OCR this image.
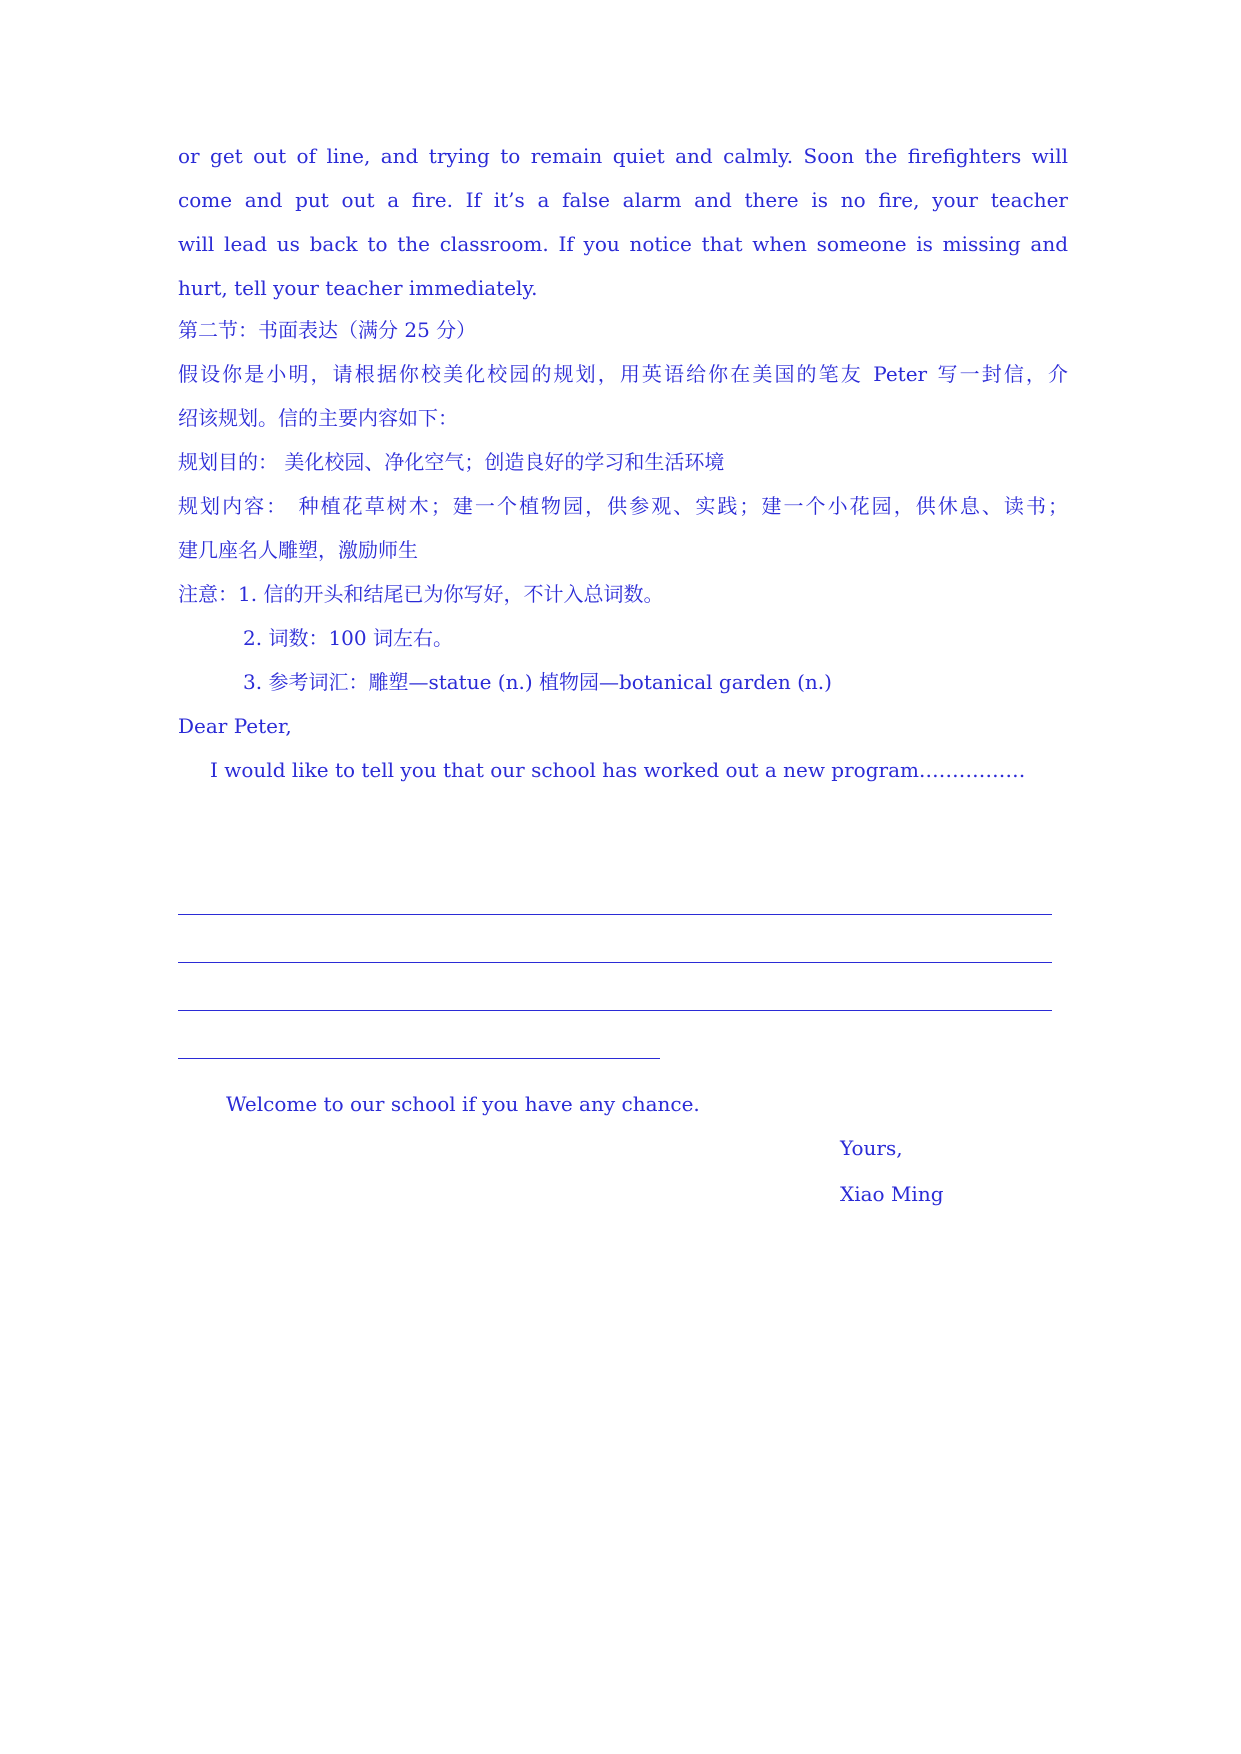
or get out of line, and trying to remain quiet and calmly. Soon the firefighters will
come and put out a fire. If it’s a false alarm and there is no fire, your teacher
will lead us back to the classroom. If you notice that when someone is missing and
hurt, tell your teacher immediately.
第二节：书面表达（满分 25 分）
假设你是小明，请根据你校美化校园的规划，用英语给你在美国的笔友 Peter 写一封信，介
绍该规划。信的主要内容如下：
规划目的： 美化校园、净化空气；创造良好的学习和生活环境
规划内容： 种植花草树木；建一个植物园，供参观、实践；建一个小花园，供休息、读书；
建几座名人雕塑，激励师生
注意：1. 信的开头和结尾已为你写好，不计入总词数。
2. 词数：100 词左右。
3. 参考词汇：雕塑—statue (n.) 植物园—botanical garden (n.)
Dear Peter,
I would like to tell you that our school has worked out a new program.……………
Welcome to our school if you have any chance.
Yours,
Xiao Ming
